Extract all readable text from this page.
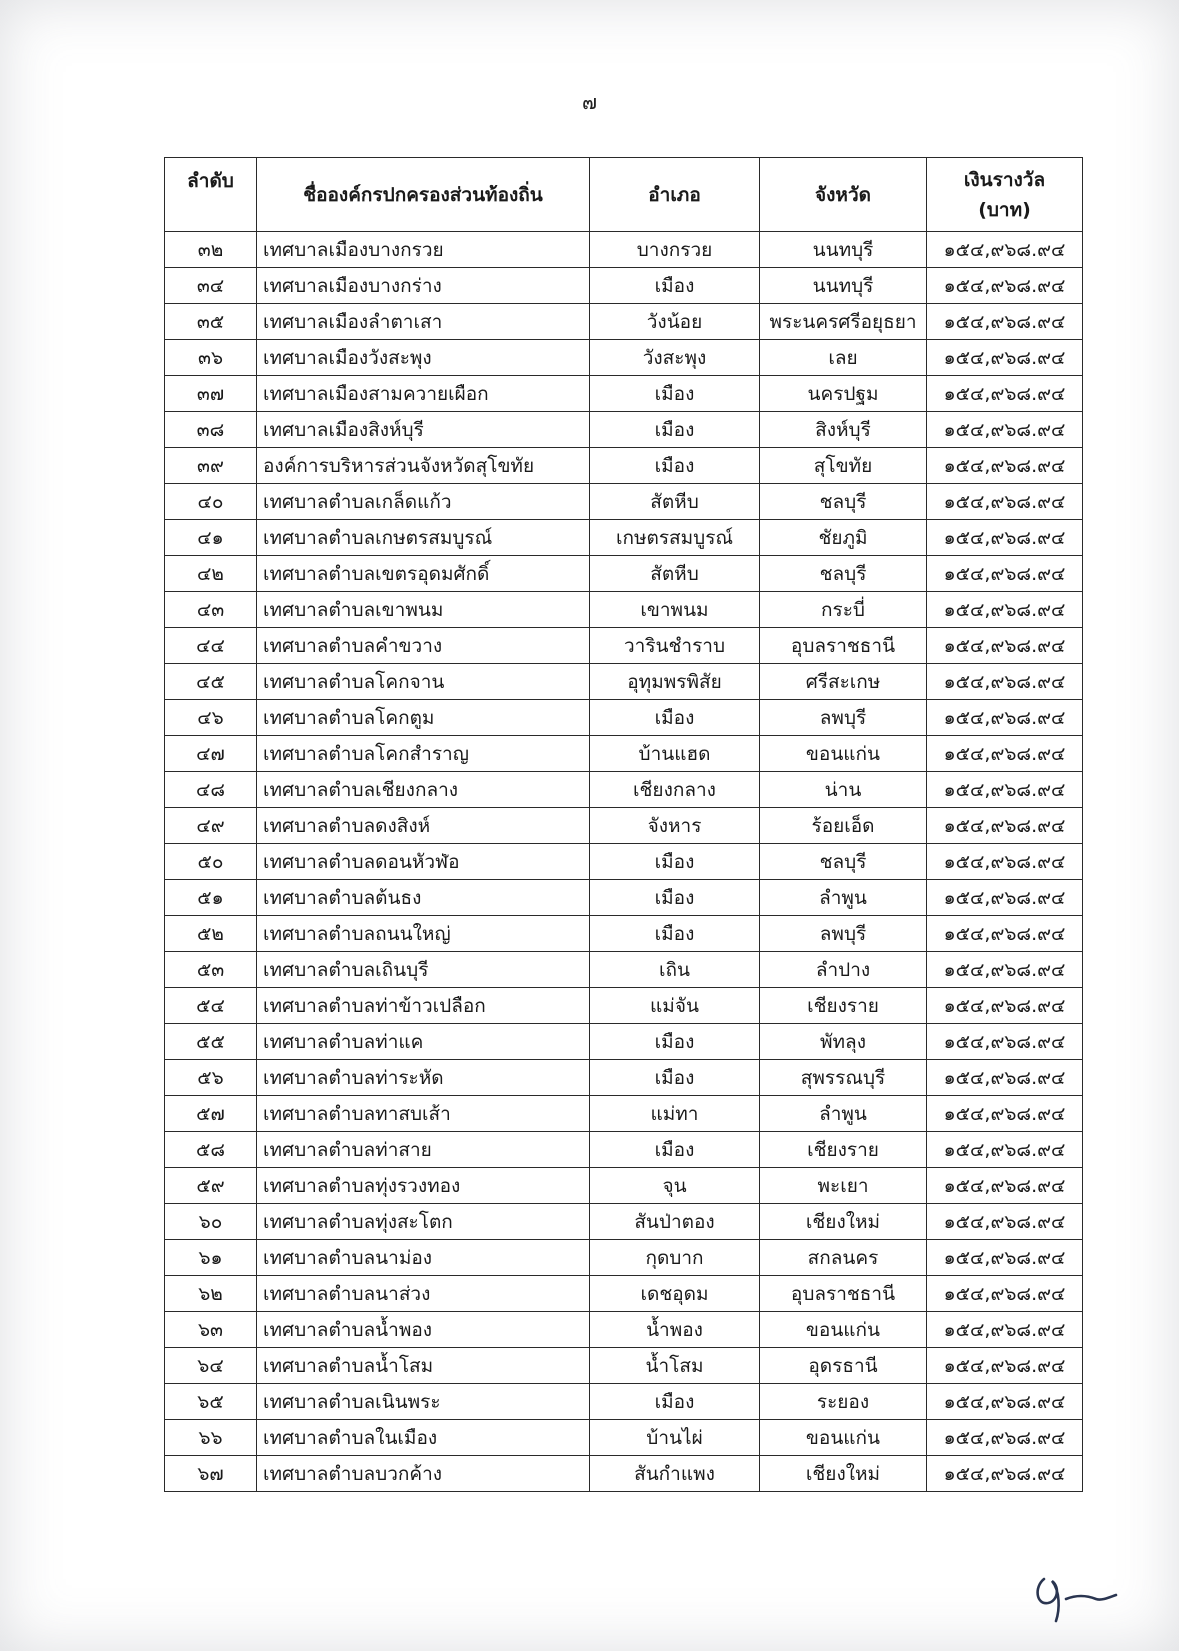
๗
ลำดับ	ชื่อองค์กรปกครองส่วนท้องถิ่น	อำเภอ	จังหวัด	เงินรางวัล
(บาท)

๓๒	เทศบาลเมืองบางกรวย	บางกรวย	นนทบุรี	๑๕๔,๙๖๘.๙๔
๓๔	เทศบาลเมืองบางกร่าง	เมือง	นนทบุรี	๑๕๔,๙๖๘.๙๔
๓๕	เทศบาลเมืองลำตาเสา	วังน้อย	พระนครศรีอยุธยา	๑๕๔,๙๖๘.๙๔
๓๖	เทศบาลเมืองวังสะพุง	วังสะพุง	เลย	๑๕๔,๙๖๘.๙๔
๓๗	เทศบาลเมืองสามควายเผือก	เมือง	นครปฐม	๑๕๔,๙๖๘.๙๔
๓๘	เทศบาลเมืองสิงห์บุรี	เมือง	สิงห์บุรี	๑๕๔,๙๖๘.๙๔
๓๙	องค์การบริหารส่วนจังหวัดสุโขทัย	เมือง	สุโขทัย	๑๕๔,๙๖๘.๙๔
๔๐	เทศบาลตำบลเกล็ดแก้ว	สัตหีบ	ชลบุรี	๑๕๔,๙๖๘.๙๔
๔๑	เทศบาลตำบลเกษตรสมบูรณ์	เกษตรสมบูรณ์	ชัยภูมิ	๑๕๔,๙๖๘.๙๔
๔๒	เทศบาลตำบลเขตรอุดมศักดิ์	สัตหีบ	ชลบุรี	๑๕๔,๙๖๘.๙๔
๔๓	เทศบาลตำบลเขาพนม	เขาพนม	กระบี่	๑๕๔,๙๖๘.๙๔
๔๔	เทศบาลตำบลคำขวาง	วารินชำราบ	อุบลราชธานี	๑๕๔,๙๖๘.๙๔
๔๕	เทศบาลตำบลโคกจาน	อุทุมพรพิสัย	ศรีสะเกษ	๑๕๔,๙๖๘.๙๔
๔๖	เทศบาลตำบลโคกตูม	เมือง	ลพบุรี	๑๕๔,๙๖๘.๙๔
๔๗	เทศบาลตำบลโคกสำราญ	บ้านแฮด	ขอนแก่น	๑๕๔,๙๖๘.๙๔
๔๘	เทศบาลตำบลเชียงกลาง	เชียงกลาง	น่าน	๑๕๔,๙๖๘.๙๔
๔๙	เทศบาลตำบลดงสิงห์	จังหาร	ร้อยเอ็ด	๑๕๔,๙๖๘.๙๔
๕๐	เทศบาลตำบลดอนหัวฬ่อ	เมือง	ชลบุรี	๑๕๔,๙๖๘.๙๔
๕๑	เทศบาลตำบลต้นธง	เมือง	ลำพูน	๑๕๔,๙๖๘.๙๔
๕๒	เทศบาลตำบลถนนใหญ่	เมือง	ลพบุรี	๑๕๔,๙๖๘.๙๔
๕๓	เทศบาลตำบลเถินบุรี	เถิน	ลำปาง	๑๕๔,๙๖๘.๙๔
๕๔	เทศบาลตำบลท่าข้าวเปลือก	แม่จัน	เชียงราย	๑๕๔,๙๖๘.๙๔
๕๕	เทศบาลตำบลท่าแค	เมือง	พัทลุง	๑๕๔,๙๖๘.๙๔
๕๖	เทศบาลตำบลท่าระหัด	เมือง	สุพรรณบุรี	๑๕๔,๙๖๘.๙๔
๕๗	เทศบาลตำบลทาสบเส้า	แม่ทา	ลำพูน	๑๕๔,๙๖๘.๙๔
๕๘	เทศบาลตำบลท่าสาย	เมือง	เชียงราย	๑๕๔,๙๖๘.๙๔
๕๙	เทศบาลตำบลทุ่งรวงทอง	จุน	พะเยา	๑๕๔,๙๖๘.๙๔
๖๐	เทศบาลตำบลทุ่งสะโตก	สันป่าตอง	เชียงใหม่	๑๕๔,๙๖๘.๙๔
๖๑	เทศบาลตำบลนาม่อง	กุดบาก	สกลนคร	๑๕๔,๙๖๘.๙๔
๖๒	เทศบาลตำบลนาส่วง	เดชอุดม	อุบลราชธานี	๑๕๔,๙๖๘.๙๔
๖๓	เทศบาลตำบลน้ำพอง	น้ำพอง	ขอนแก่น	๑๕๔,๙๖๘.๙๔
๖๔	เทศบาลตำบลน้ำโสม	น้ำโสม	อุดรธานี	๑๕๔,๙๖๘.๙๔
๖๕	เทศบาลตำบลเนินพระ	เมือง	ระยอง	๑๕๔,๙๖๘.๙๔
๖๖	เทศบาลตำบลในเมือง	บ้านไผ่	ขอนแก่น	๑๕๔,๙๖๘.๙๔
๖๗	เทศบาลตำบลบวกค้าง	สันกำแพง	เชียงใหม่	๑๕๔,๙๖๘.๙๔
